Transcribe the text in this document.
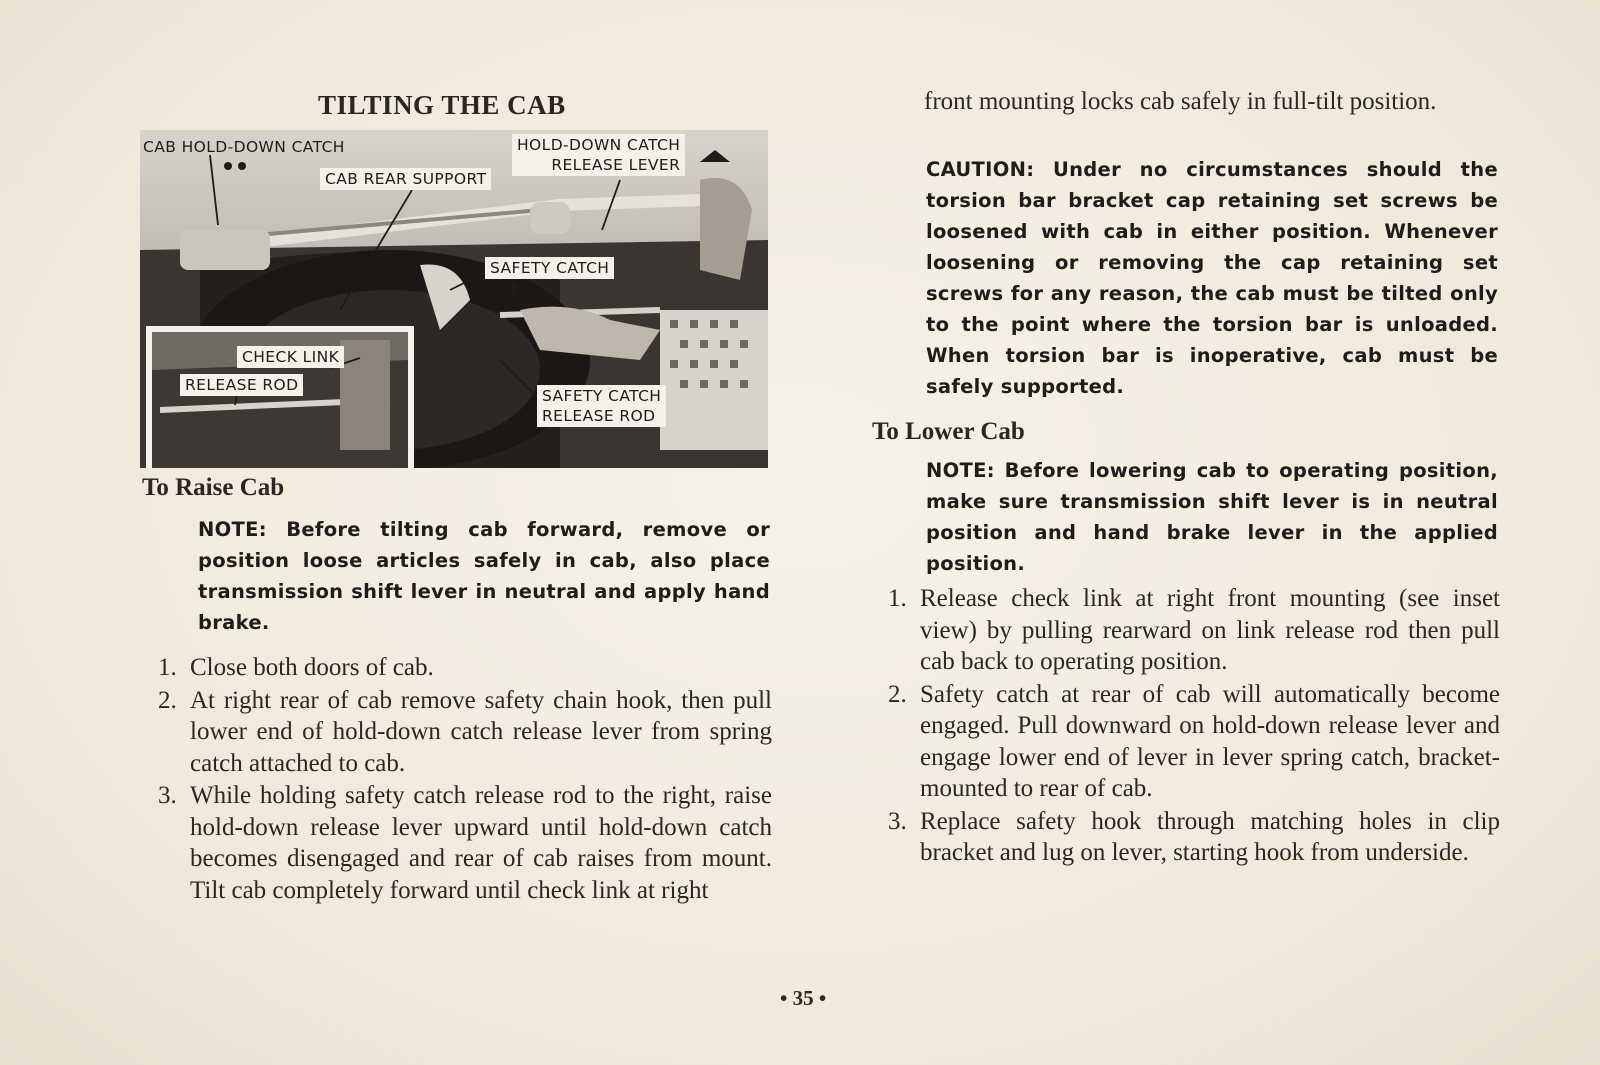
TILTING THE CAB
CAB HOLD-DOWN CATCH
CAB REAR SUPPORT
HOLD-DOWN CATCH
RELEASE LEVER
SAFETY CATCH
CHECK LINK
RELEASE ROD
SAFETY CATCH
RELEASE ROD
To Raise Cab
NOTE: Before tilting cab forward, remove or position loose articles safely in cab, also place transmission shift lever in neutral and apply hand brake.
1. Close both doors of cab.
2. At right rear of cab remove safety chain hook, then pull lower end of hold-down catch release lever from spring catch attached to cab.
3. While holding safety catch release rod to the right, raise hold-down release lever upward until hold-down catch becomes disengaged and rear of cab raises from mount. Tilt cab completely forward until check link at right
front mounting locks cab safely in full-tilt position.
CAUTION: Under no circumstances should the torsion bar bracket cap retaining set screws be loosened with cab in either position. Whenever loosening or removing the cap retaining set screws for any reason, the cab must be tilted only to the point where the torsion bar is unloaded. When torsion bar is inoperative, cab must be safely supported.
To Lower Cab
NOTE: Before lowering cab to operating position, make sure transmission shift lever is in neutral position and hand brake lever in the applied position.
1. Release check link at right front mounting (see inset view) by pulling rearward on link release rod then pull cab back to operating position.
2. Safety catch at rear of cab will automatically become engaged. Pull downward on hold-down release lever and engage lower end of lever in lever spring catch, bracket-mounted to rear of cab.
3. Replace safety hook through matching holes in clip bracket and lug on lever, starting hook from underside.
• 35 •
